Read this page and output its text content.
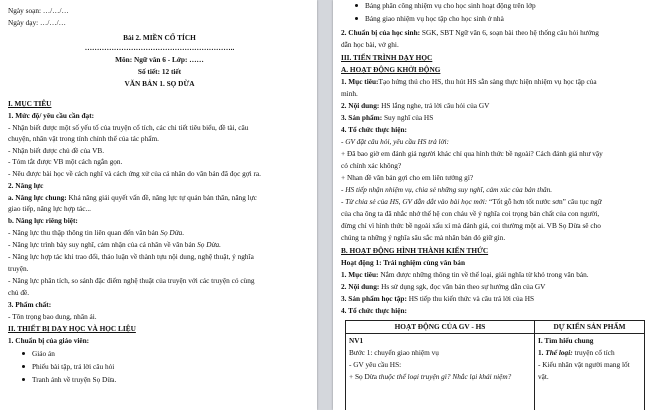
Ngày soạn: …/…/…
Ngày dạy: …/…/…
Bài 2. MIỀN CỔ TÍCH
……………………………………………………..
Môn: Ngữ văn 6 - Lớp: ……
Số tiết: 12 tiết
VĂN BẢN 1. SỌ DỪA
I. MỤC TIÊU
1. Mức độ/ yêu cầu cần đạt:
- Nhận biết được một số yếu tố của truyện cổ tích, các chi tiết tiêu biểu, đề tài, câu
chuyện, nhân vật trong tính chỉnh thể của tác phẩm.
- Nhận biết được chủ đề của VB.
- Tóm tắt được VB một cách ngắn gọn.
- Nêu được bài học về cách nghĩ và cách ứng xử của cá nhân do văn bản đã đọc gợi ra.
2. Năng lực
a. Năng lực chung: Khả năng giải quyết vấn đề, năng lực tự quản bản thân, năng lực
giao tiếp, năng lực hợp tác...
b. Năng lực riêng biệt:
- Năng lực thu thập thông tin liên quan đến văn bản Sọ Dừa.
- Năng lực trình bày suy nghĩ, cảm nhận của cá nhân về văn bản Sọ Dừa.
- Năng lực hợp tác khi trao đổi, thảo luận về thành tựu nội dung, nghệ thuật, ý nghĩa
truyện.
- Năng lực phân tích, so sánh đặc điểm nghệ thuật của truyện với các truyện có cùng
chủ đề.
3. Phẩm chất:
- Tôn trọng bao dung, nhân ái.
II. THIẾT BỊ DẠY HỌC VÀ HỌC LIỆU
1. Chuẩn bị của giáo viên:
Giáo án
Phiếu bài tập, trả lời câu hỏi
Tranh ảnh về truyện Sọ Dừa.
Bảng phân công nhiệm vụ cho học sinh hoạt động trên lớp
Bảng giao nhiệm vụ học tập cho học sinh ở nhà
2. Chuẩn bị của học sinh: SGK, SBT Ngữ văn 6, soạn bài theo hệ thống câu hỏi hướng
dẫn học bài, vở ghi.
III. TIẾN TRÌNH DẠY HỌC
A. HOẠT ĐỘNG KHỞI ĐỘNG
1. Mục tiêu:Tạo hứng thú cho HS, thu hút HS sẵn sàng thực hiện nhiệm vụ học tập của
mình.
2. Nội dung: HS lắng nghe, trả lời câu hỏi của GV
3. Sản phẩm: Suy nghĩ của HS
4. Tổ chức thực hiện:
- GV đặt câu hỏi, yêu cầu HS trả lời:
+ Đã bao giờ em đánh giá người khác chỉ qua hình thức bề ngoài? Cách đánh giá như vậy
có chính xác không?
+ Nhan đề văn bản gợi cho em liên tưởng gì?
- HS tiếp nhận nhiệm vụ, chia sẻ những suy nghĩ, cảm xúc của bản thân.
- Từ chia sẻ của HS, GV dẫn dắt vào bài học mới: “Tốt gỗ hơn tốt nước sơn” câu tục ngữ
của cha ông ta đã nhắc nhở thế hệ con cháu về ý nghĩa coi trọng bản chất của con người,
đừng chỉ vì hình thức bề ngoài xấu xí mà đánh giá, coi thường một ai. VB Sọ Dừa sẽ cho
chúng ta những ý nghĩa sâu sắc mà nhân bản đó giữ gìn.
B. HOẠT ĐỘNG HÌNH THÀNH KIẾN THỨC
Hoạt động 1: Trải nghiệm cùng văn bản
1. Mục tiêu: Nắm được những thông tin về thể loại, giải nghĩa từ khó trong văn bản.
2. Nội dung: Hs sử dụng sgk, đọc văn bản theo sự hướng dẫn của GV
3. Sản phẩm học tập: HS tiếp thu kiến thức và câu trả lời của HS
4. Tổ chức thực hiện:
HOẠT ĐỘNG CỦA GV - HS	DỰ KIẾN SẢN PHẨM
NV1
Bước 1: chuyển giao nhiệm vụ
- GV yêu cầu HS:
+ Sọ Dừa thuộc thể loại truyện gì? Nhắc lại khái niệm?
I. Tìm hiểu chung
1. Thể loại: truyện cổ tích
- Kiểu nhân vật người mang lốt
vật.
